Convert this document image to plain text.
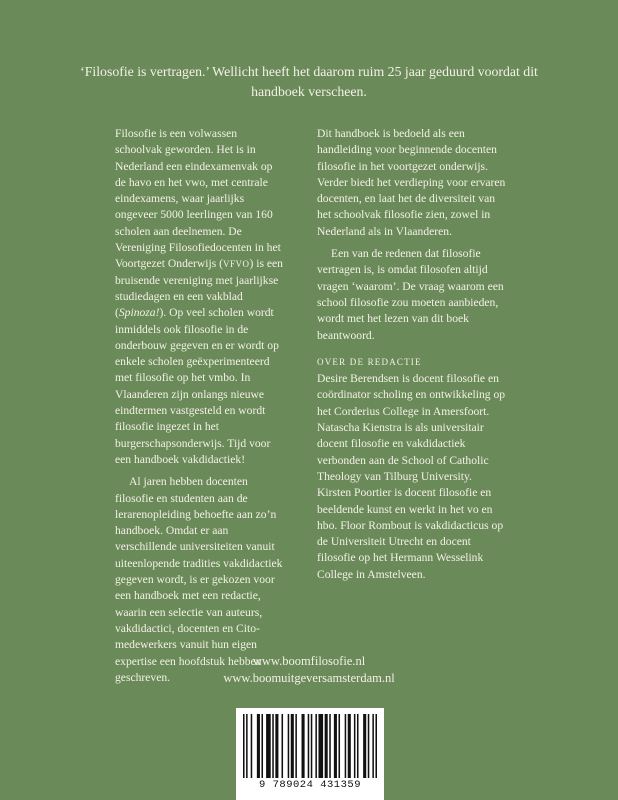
‘Filosofie is vertragen.’ Wellicht heeft het daarom ruim 25 jaar geduurd voordat dit handboek verscheen.

Filosofie is een volwassen schoolvak geworden. Het is in Nederland een eindexamenvak op de havo en het vwo, met centrale eindexamens, waar jaarlijks ongeveer 5000 leerlingen van 160 scholen aan deelnemen. De Vereniging Filosofiedocenten in het Voortgezet Onderwijs (VFVO) is een bruisende vereniging met jaarlijkse studiedagen en een vakblad (Spinoza!). Op veel scholen wordt inmiddels ook filosofie in de onderbouw gegeven en er wordt op enkele scholen geëxperimenteerd met filosofie op het vmbo. In Vlaanderen zijn onlangs nieuwe eindtermen vastgesteld en wordt filosofie ingezet in het burgerschapsonderwijs. Tijd voor een handboek vakdidactiek!

Al jaren hebben docenten filosofie en studenten aan de lerarenopleiding behoefte aan zo’n handboek. Omdat er aan verschillende universiteiten vanuit uiteenlopende tradities vakdidactiek gegeven wordt, is er gekozen voor een handboek met een redactie, waarin een selectie van auteurs, vakdidactici, docenten en Cito-medewerkers vanuit hun eigen expertise een hoofdstuk hebben geschreven.

Dit handboek is bedoeld als een handleiding voor beginnende docenten filosofie in het voortgezet onderwijs. Verder biedt het verdieping voor ervaren docenten, en laat het de diversiteit van het schoolvak filosofie zien, zowel in Nederland als in Vlaanderen.

Een van de redenen dat filosofie vertragen is, is omdat filosofen altijd vragen ‘waarom’. De vraag waarom een school filosofie zou moeten aanbieden, wordt met het lezen van dit boek beantwoord.

OVER DE REDACTIE

Desire Berendsen is docent filosofie en coördinator scholing en ontwikkeling op het Corderius College in Amersfoort. Natascha Kienstra is als universitair docent filosofie en vakdidactiek verbonden aan de School of Catholic Theology van Tilburg University. Kirsten Poortier is docent filosofie en beeldende kunst en werkt in het vo en hbo. Floor Rombout is vakdidacticus op de Universiteit Utrecht en docent filosofie op het Hermann Wesselink College in Amstelveen.

www.boomfilosofie.nl
www.boomuitgeversamsterdam.nl
9 789024 431359
